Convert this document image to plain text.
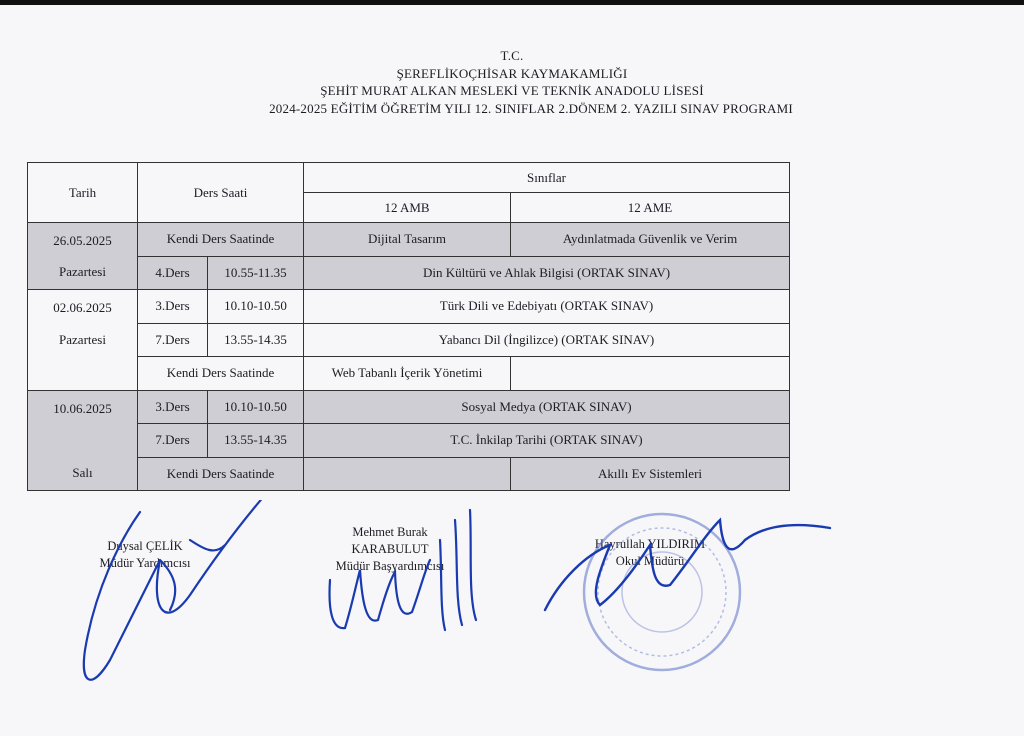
T.C.
ŞEREFLİKOÇHİSAR KAYMAKAMLIĞI
ŞEHİT MURAT ALKAN MESLEKİ VE TEKNİK ANADOLU LİSESİ
2024-2025 EĞİTİM ÖĞRETİM YILI 12. SINIFLAR 2.DÖNEM 2. YAZILI SINAV PROGRAMI
Tarih	Ders Saati		Sınıflar	
			12 AMB	12 AME

26.05.2025
Pazartesi	Kendi Ders Saatinde		Dijital Tasarım	Aydınlatmada Güvenlik ve Verim
	4.Ders	10.55-11.35	Din Kültürü ve Ahlak Bilgisi (ORTAK SINAV)	

02.06.2025
Pazartesi	3.Ders	10.10-10.50	Türk Dili ve Edebiyatı (ORTAK SINAV)	
	7.Ders	13.55-14.35	Yabancı Dil (İngilizce) (ORTAK SINAV)	
	Kendi Ders Saatinde		Web Tabanlı İçerik Yönetimi	

10.06.2025
Salı	3.Ders	10.10-10.50	Sosyal Medya (ORTAK SINAV)	
	7.Ders	13.55-14.35	T.C. İnkilap Tarihi (ORTAK SINAV)	
	Kendi Ders Saatinde			Akıllı Ev Sistemleri
Duysal ÇELİK
Müdür Yardımcısı
Mehmet Burak
KARABULUT
Müdür Başyardımcısı
Hayrullah YILDIRIM
Okul Müdürü
